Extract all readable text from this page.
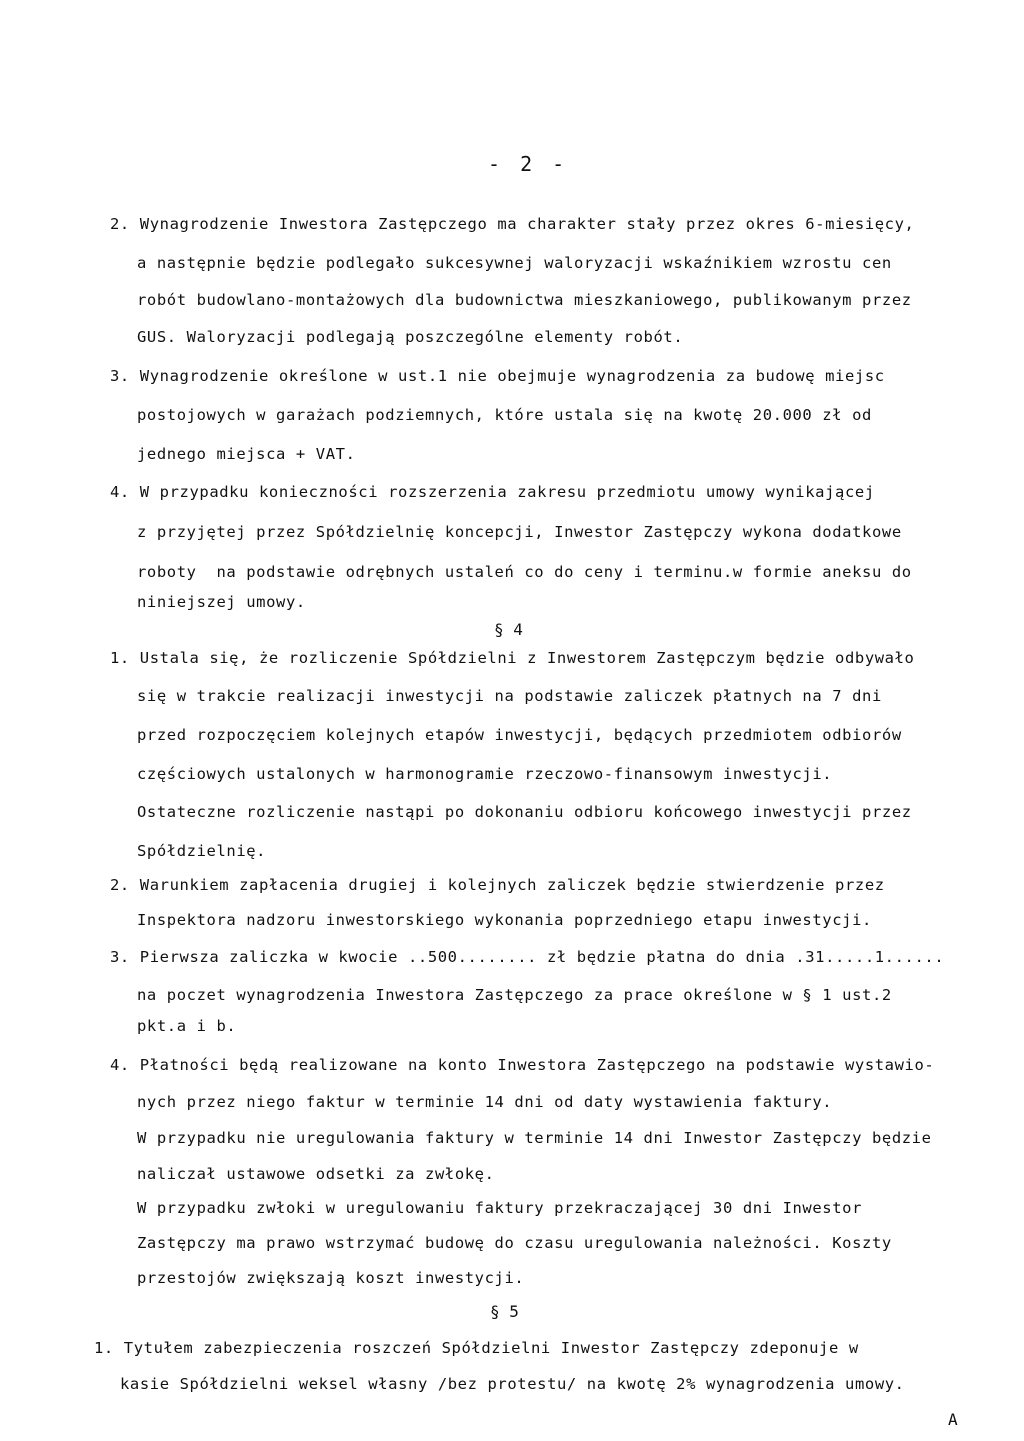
- 2 -
2. Wynagrodzenie Inwestora Zastępczego ma charakter stały przez okres 6-miesięcy,
a następnie będzie podlegało sukcesywnej waloryzacji wskaźnikiem wzrostu cen
robót budowlano-montażowych dla budownictwa mieszkaniowego, publikowanym przez
GUS. Waloryzacji podlegają poszczególne elementy robót.
3. Wynagrodzenie określone w ust.1 nie obejmuje wynagrodzenia za budowę miejsc
postojowych w garażach podziemnych, które ustala się na kwotę 20.000 zł od
jednego miejsca + VAT.
4. W przypadku konieczności rozszerzenia zakresu przedmiotu umowy wynikającej
z przyjętej przez Spółdzielnię koncepcji, Inwestor Zastępczy wykona dodatkowe
roboty  na podstawie odrębnych ustaleń co do ceny i terminu.w formie aneksu do
niniejszej umowy.
§ 4
1. Ustala się, że rozliczenie Spółdzielni z Inwestorem Zastępczym będzie odbywało
się w trakcie realizacji inwestycji na podstawie zaliczek płatnych na 7 dni
przed rozpoczęciem kolejnych etapów inwestycji, będących przedmiotem odbiorów
częściowych ustalonych w harmonogramie rzeczowo-finansowym inwestycji.
Ostateczne rozliczenie nastąpi po dokonaniu odbioru końcowego inwestycji przez
Spółdzielnię.
2. Warunkiem zapłacenia drugiej i kolejnych zaliczek będzie stwierdzenie przez
Inspektora nadzoru inwestorskiego wykonania poprzedniego etapu inwestycji.
3. Pierwsza zaliczka w kwocie ..500........ zł będzie płatna do dnia .31.....1......
na poczet wynagrodzenia Inwestora Zastępczego za prace określone w § 1 ust.2
pkt.a i b.
4. Płatności będą realizowane na konto Inwestora Zastępczego na podstawie wystawio-
nych przez niego faktur w terminie 14 dni od daty wystawienia faktury.
W przypadku nie uregulowania faktury w terminie 14 dni Inwestor Zastępczy będzie
naliczał ustawowe odsetki za zwłokę.
W przypadku zwłoki w uregulowaniu faktury przekraczającej 30 dni Inwestor
Zastępczy ma prawo wstrzymać budowę do czasu uregulowania należności. Koszty
przestojów zwiększają koszt inwestycji.
§ 5
1. Tytułem zabezpieczenia roszczeń Spółdzielni Inwestor Zastępczy zdeponuje w
kasie Spółdzielni weksel własny /bez protestu/ na kwotę 2% wynagrodzenia umowy.
A
